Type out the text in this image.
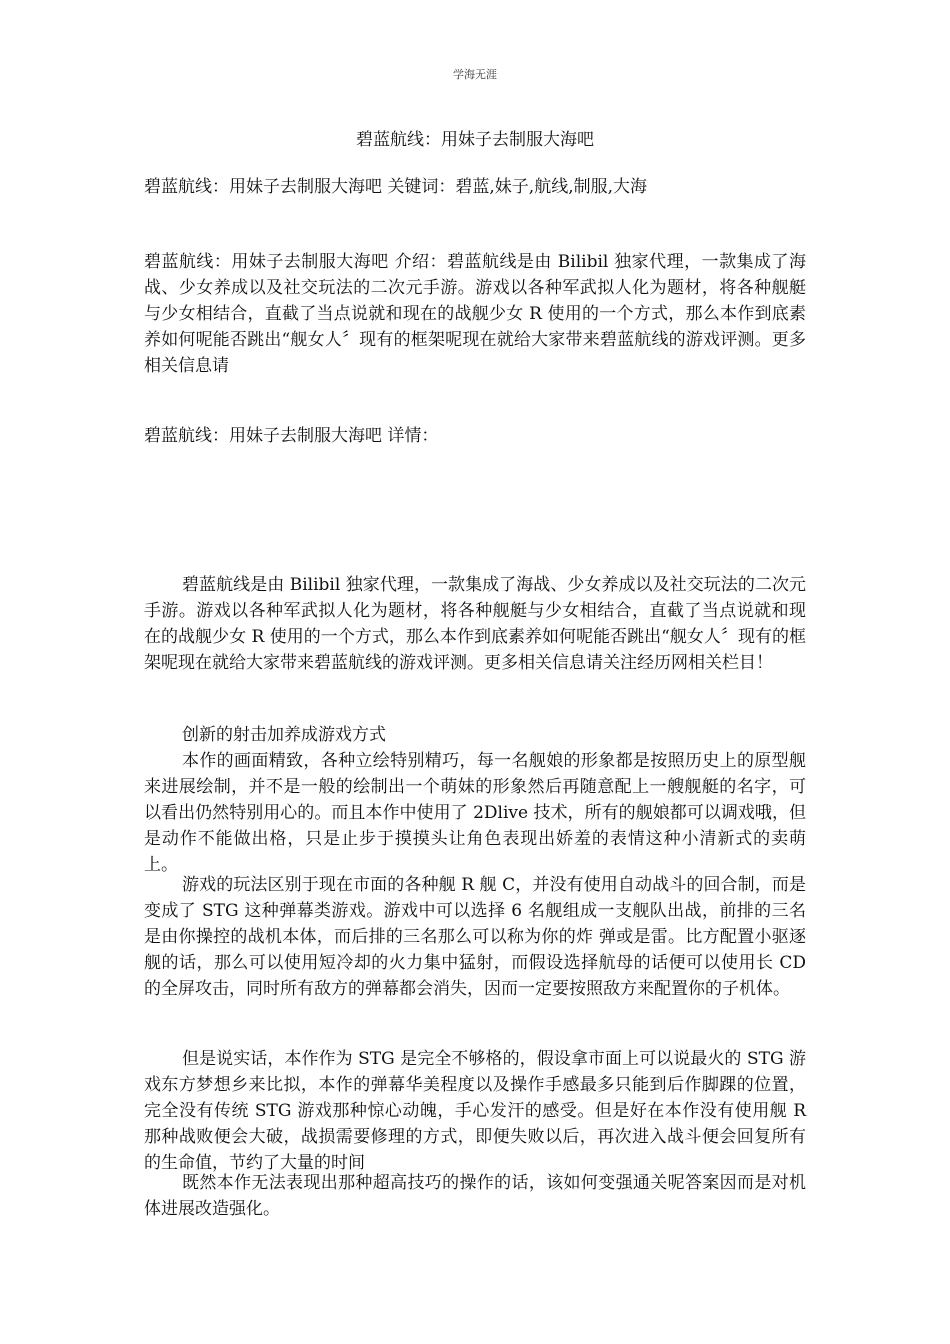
学海无涯
碧蓝航线：用妹子去制服大海吧

碧蓝航线：用妹子去制服大海吧 关键词：碧蓝,妹子,航线,制服,大海

碧蓝航线：用妹子去制服大海吧 介绍：碧蓝航线是由 Bilibil 独家代理，一款集成了海战、少女养成以及社交玩法的二次元手游。游戏以各种军武拟人化为题材，将各种舰艇与少女相结合，直截了当点说就和现在的战舰少女 R 使用的一个方式，那么本作到底素养如何呢能否跳出“舰女人〞现有的框架呢现在就给大家带来碧蓝航线的游戏评测。更多相关信息请

碧蓝航线：用妹子去制服大海吧 详情：

碧蓝航线是由 Bilibil 独家代理，一款集成了海战、少女养成以及社交玩法的二次元手游。游戏以各种军武拟人化为题材，将各种舰艇与少女相结合，直截了当点说就和现在的战舰少女 R 使用的一个方式，那么本作到底素养如何呢能否跳出“舰女人〞现有的框架呢现在就给大家带来碧蓝航线的游戏评测。更多相关信息请关注经历网相关栏目！

创新的射击加养成游戏方式

本作的画面精致，各种立绘特别精巧，每一名舰娘的形象都是按照历史上的原型舰来进展绘制，并不是一般的绘制出一个萌妹的形象然后再随意配上一艘舰艇的名字，可以看出仍然特别用心的。而且本作中使用了 2Dlive 技术，所有的舰娘都可以调戏哦，但是动作不能做出格，只是止步于摸摸头让角色表现出娇羞的表情这种小清新式的卖萌上。

游戏的玩法区别于现在市面的各种舰 R 舰 C，并没有使用自动战斗的回合制，而是变成了 STG 这种弹幕类游戏。游戏中可以选择 6 名舰组成一支舰队出战，前排的三名是由你操控的战机本体，而后排的三名那么可以称为你的炸 弹或是雷。比方配置小驱逐舰的话，那么可以使用短冷却的火力集中猛射，而假设选择航母的话便可以使用长 CD 的全屏攻击，同时所有敌方的弹幕都会消失，因而一定要按照敌方来配置你的子机体。

但是说实话，本作作为 STG 是完全不够格的，假设拿市面上可以说最火的 STG 游戏东方梦想乡来比拟，本作的弹幕华美程度以及操作手感最多只能到后作脚踝的位置，完全没有传统 STG 游戏那种惊心动魄，手心发汗的感受。但是好在本作没有使用舰 R 那种战败便会大破，战损需要修理的方式，即便失败以后，再次进入战斗便会回复所有的生命值，节约了大量的时间

既然本作无法表现出那种超高技巧的操作的话，该如何变强通关呢答案因而是对机体进展改造强化。
